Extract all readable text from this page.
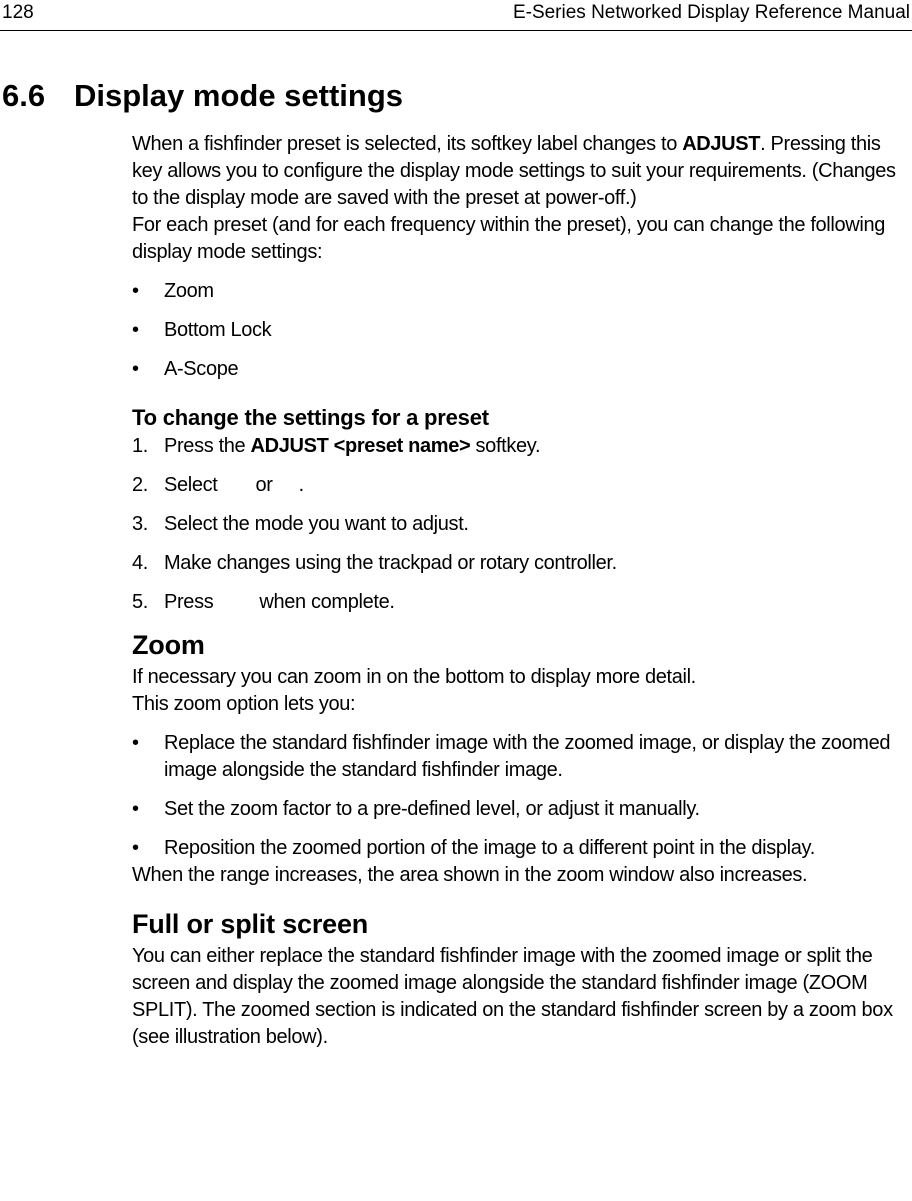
128	E-Series Networked Display Reference Manual
6.6 Display mode settings

When a fishfinder preset is selected, its softkey label changes to ADJUST. Pressing this key allows you to configure the display mode settings to suit your requirements. (Changes to the display mode are saved with the preset at power-off.)

For each preset (and for each frequency within the preset), you can change the following display mode settings:

• Zoom
• Bottom Lock
• A-Scope
To change the settings for a preset
1. Press the ADJUST <preset name> softkey.
2. Select or .
3. Select the mode you want to adjust.
4. Make changes using the trackpad or rotary controller.
5. Press when complete.
Zoom

If necessary you can zoom in on the bottom to display more detail.

This zoom option lets you:

• Replace the standard fishfinder image with the zoomed image, or display the zoomed image alongside the standard fishfinder image.
• Set the zoom factor to a pre-defined level, or adjust it manually.
• Reposition the zoomed portion of the image to a different point in the display.

When the range increases, the area shown in the zoom window also increases.

Full or split screen

You can either replace the standard fishfinder image with the zoomed image or split the screen and display the zoomed image alongside the standard fishfinder image (ZOOM SPLIT). The zoomed section is indicated on the standard fishfinder screen by a zoom box (see illustration below).
